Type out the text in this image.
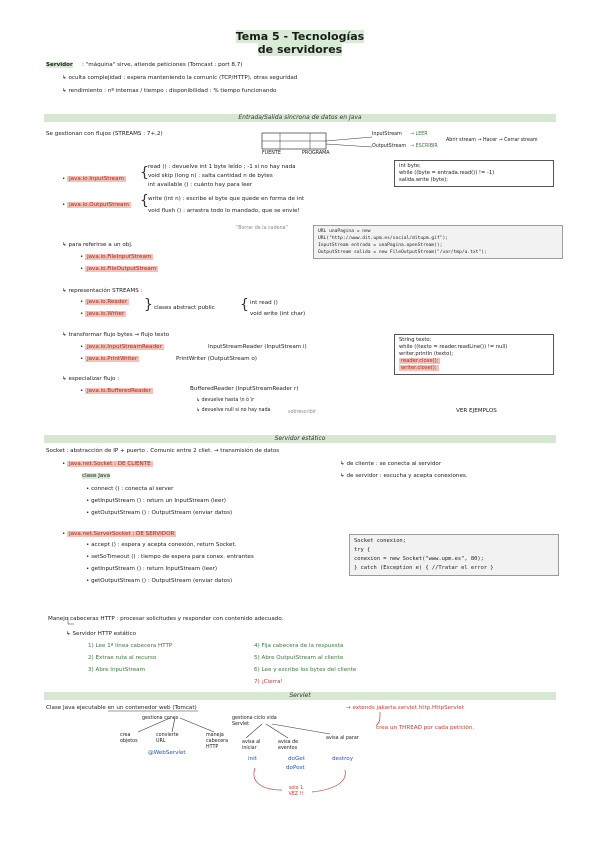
Tema 5 - Tecnologías
de servidores
Servidor : "máquina" sirve, atiende peticiones (Tomcast : port 8,7)
↳ oculta complejidad : espera manteniendo la comunic (TCP/HTTP), otras seguridad
↳ rendimiento : nº internas / tiempo ; disponibilidad : % tiempo funcionando
Entrada/Salida síncrona de datos en Java
Se gestionan con flujos (STREAMS : 7+,2)
FUENTE	PROGRAMA
InputStream
OutputStream
→ LEER
→ ESCRIBIR
Abrir stream → Hacer → Cerrar stream
• java.io.InputStream { read () : devuelve int 1 byte leído ; -1 si no hay nada
void skip (long n) : salta cantidad n de bytes
int available () : cuánto hay para leer
int byte;
while ((byte = entrada.read()) != -1)
salida.write (byte);
• java.io.OutputStream { write (int n) : escribe el byte que quede en forma de int
void flush () : arrastra todo lo mandado, que se envíe!
"Borrar de la cadena"
URL unaPagina = new
URL("http://www.dit.upm.es/social/ditupm.gif");
InputStream entrada = unaPagina.openStream();
OutputStream salida = new FileOutputStream("/var/tmp/a.txt");
↳ para referirse a un obj.
• java.io.FileInputStream
• java.io.FileOutputStream
↳ representación STREAMS :
• java.io.Reader
• java.io.Writer
} clases abstract public { int read ()
void write (int char)
↳ transformar flujo bytes → flujo texto
• java.io.InputStreamReader
• java.io.PrintWriter
InputStreamReader (InputStream i)
PrintWriter (OutputStream o)
↳ especializar flujo :
• java.io.BufferedReader	BufferedReader (InputStreamReader r)
↳ devuelve hasta \n ó \r
↳ devuelve null si no hay nada	sobrescribir
String texto;
while ((texto = reader.readLine()) != null)
writer.println (texto);
reader.close();
writer.close();
VER EJEMPLOS
Servidor estático
Socket : abstracción de IP + puerto . Comunic entre 2 cliet. → transmisión de datos
• java.net.Socket : DE CLIENTE
clase Java
• connect () : conecta al server
• getInputStream () : return un InputStream (leer)
• getOutputStream () : OutputStream (enviar datos)
↳ de cliente : se conecta al servidor
↳ de servidor : escucha y acepta conexiones.
• java.net.ServerSocket : DE SERVIDOR
• accept () : espera y acepta conexión, return Socket.
• setSoTimeout () : tiempo de espera para conex. entrantes
• getInputStream () : return InputStream (leer)
• getOutputStream () : OutputStream (enviar datos)
Socket conexion;
try {
conexion = new Socket("www.upm.es", 80);
} catch (Exception e) { //Tratar el error }
Manejo cabeceras HTTP : procesar solicitudes y responder con contenido adecuado.
↳ Servidor HTTP estático
1) Lee 1ª línea cabecera HTTP
2) Extrae ruta al recurso
3) Abre InputStream
4) Fija cabecera de la respuesta
5) Abre OutputStream al cliente
6) Lee y escribe los bytes del cliente
7) ¡Cierra!
Servlet
Clase Java ejecutable en un contenedor web (Tomcat)	→ extends jakarta.servlet.http.HttpServlet
crea un THREAD por cada petición.
gestiona conex	gestiona ciclo vida Servlet
crea objetos
convierte URL
maneja cabecera HTTP
avisa al iniciar
avisa de eventos
avisa al parar
@WebServlet
init	doGet
doPost
destroy
solo 1 VEZ !!
